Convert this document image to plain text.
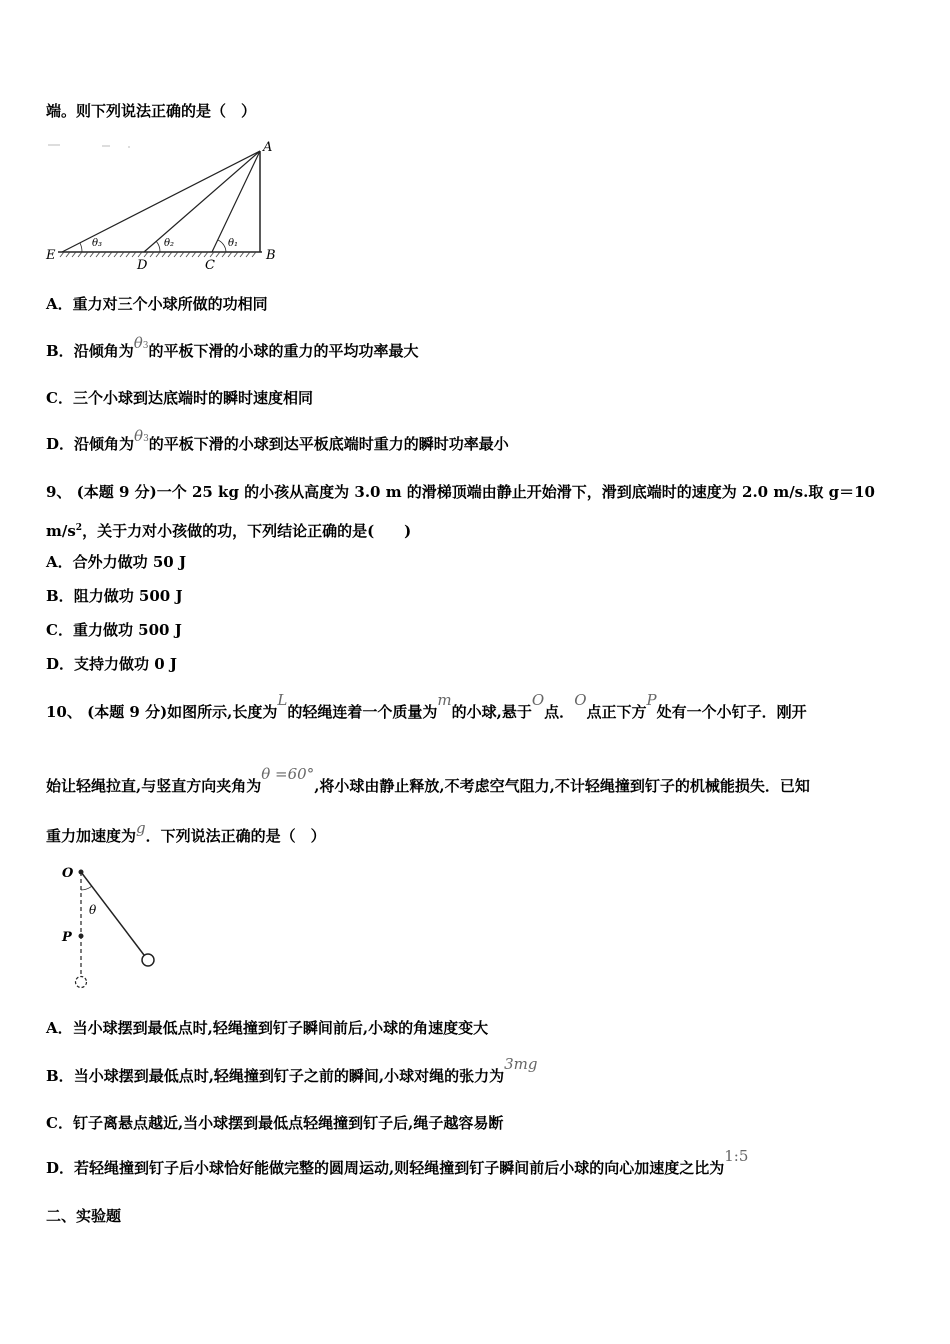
端。则下列说法正确的是（　）
A
B
C
D
E
θ₁
θ₂
θ₃
A．重力对三个小球所做的功相同
B．沿倾角为θ3的平板下滑的小球的重力的平均功率最大
C．三个小球到达底端时的瞬时速度相同
D．沿倾角为θ3的平板下滑的小球到达平板底端时重力的瞬时功率最小
9、 (本题 9 分)一个 25 kg 的小孩从高度为 3.0 m 的滑梯顶端由静止开始滑下，滑到底端时的速度为 2.0 m/s.取 g＝10
$m/s^2$，关于力对小孩做的功，下列结论正确的是(　　)
A．合外力做功 50 J
B．阻力做功 500 J
C．重力做功 500 J
D．支持力做功 0 J
10、 (本题 9 分)如图所示,长度为L的轻绳连着一个质量为m的小球,悬于O点．O点正下方P处有一个小钉子．刚开
始让轻绳拉直,与竖直方向夹角为θ =60°,将小球由静止释放,不考虑空气阻力,不计轻绳撞到钉子的机械能损失．已知
重力加速度为g．下列说法正确的是（　）
O
P
θ
A．当小球摆到最低点时,轻绳撞到钉子瞬间前后,小球的角速度变大
B．当小球摆到最低点时,轻绳撞到钉子之前的瞬间,小球对绳的张力为3mg
C．钉子离悬点越近,当小球摆到最低点轻绳撞到钉子后,绳子越容易断
D．若轻绳撞到钉子后小球恰好能做完整的圆周运动,则轻绳撞到钉子瞬间前后小球的向心加速度之比为1:5
二、实验题
